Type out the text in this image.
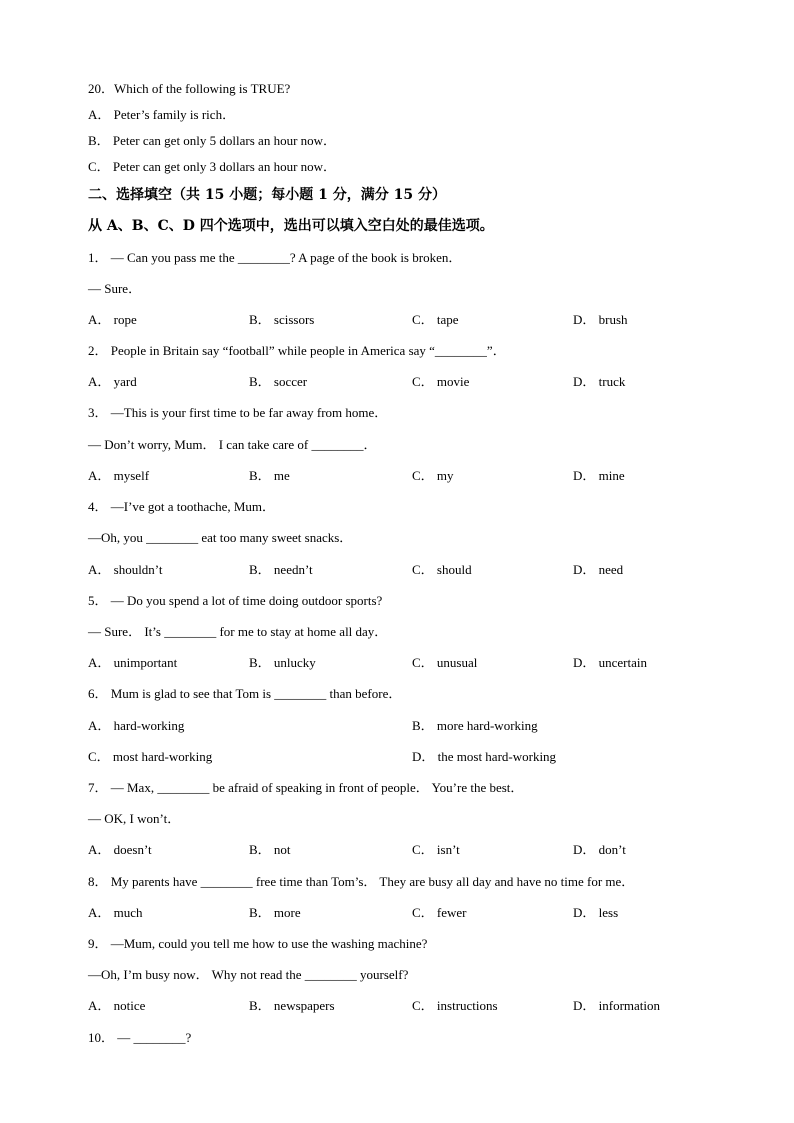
20．Which of the following is TRUE?
A． Peter’s family is rich．
B． Peter can get only 5 dollars an hour now．
C． Peter can get only 3 dollars an hour now．
二、选择填空（共 15 小题；每小题 1 分，满分 15 分）
从 A、B、C、D 四个选项中，选出可以填入空白处的最佳选项。
1． — Can you pass me the ________? A page of the book is broken．
— Sure．
A． rope	B． scissors	C． tape	D． brush
2． People in Britain say “football” while people in America say “________”．
A． yard	B． soccer	C． movie	D． truck
3． —This is your first time to be far away from home．
— Don’t worry, Mum． I can take care of ________．
A． myself	B． me	C． my	D． mine
4． —I’ve got a toothache, Mum．
—Oh, you ________ eat too many sweet snacks．
A． shouldn’t	B． needn’t	C． should	D． need
5． — Do you spend a lot of time doing outdoor sports?
— Sure． It’s ________ for me to stay at home all day．
A． unimportant	B． unlucky	C． unusual	D． uncertain
6． Mum is glad to see that Tom is ________ than before．
A． hard-working	B． more hard-working
C． most hard-working	D． the most hard-working
7． — Max, ________ be afraid of speaking in front of people． You’re the best．
— OK, I won’t．
A． doesn’t	B． not	C． isn’t	D． don’t
8． My parents have ________ free time than Tom’s． They are busy all day and have no time for me．
A． much	B． more	C． fewer	D． less
9． —Mum, could you tell me how to use the washing machine?
—Oh, I’m busy now． Why not read the ________ yourself?
A． notice	B． newspapers	C． instructions	D． information
10． — ________?
